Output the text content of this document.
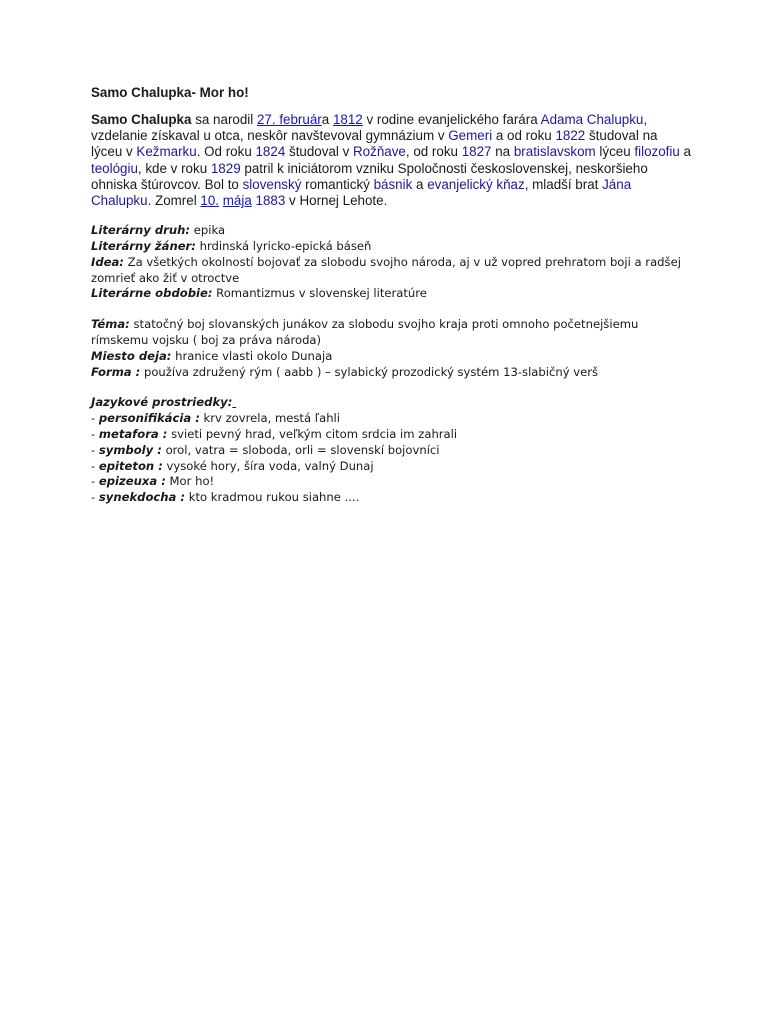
Samo Chalupka- Mor ho!

Samo Chalupka sa narodil 27. februára 1812 v rodine evanjelického farára Adama Chalupku, vzdelanie získaval u otca, neskôr navštevoval gymnázium v Gemeri a od roku 1822 študoval na lýceu v Kežmarku. Od roku 1824 študoval v Rožňave, od roku 1827 na bratislavskom lýceu filozofiu a teológiu, kde v roku 1829 patril k iniciátorom vzniku Spoločnosti československej, neskoršieho ohniska štúrovcov. Bol to slovenský romantický básnik a evanjelický kňaz, mladší brat Jána Chalupku. Zomrel 10. mája 1883 v Hornej Lehote.

Literárny druh: epika
Literárny žáner: hrdinská lyricko-epická báseň
Idea: Za všetkých okolností bojovať za slobodu svojho národa, aj v už vopred prehratom boji a radšej zomrieť ako žiť v otroctve
Literárne obdobie: Romantizmus v slovenskej literatúre
Téma: statočný boj slovanských junákov za slobodu svojho kraja proti omnoho početnejšiemu rímskemu vojsku ( boj za práva národa)
Miesto deja: hranice vlasti okolo Dunaja
Forma : používa združený rým ( aabb ) – sylabický prozodický systém 13-slabičný verš
Jazykové prostriedky:
- personifikácia : krv zovrela, mestá ľahli
- metafora : svieti pevný hrad, veľkým citom srdcia im zahrali
- symboly : orol, vatra = sloboda, orli = slovenskí bojovníci
- epiteton : vysoké hory, šíra voda, valný Dunaj
- epizeuxa : Mor ho!
- synekdocha : kto kradmou rukou siahne ....
